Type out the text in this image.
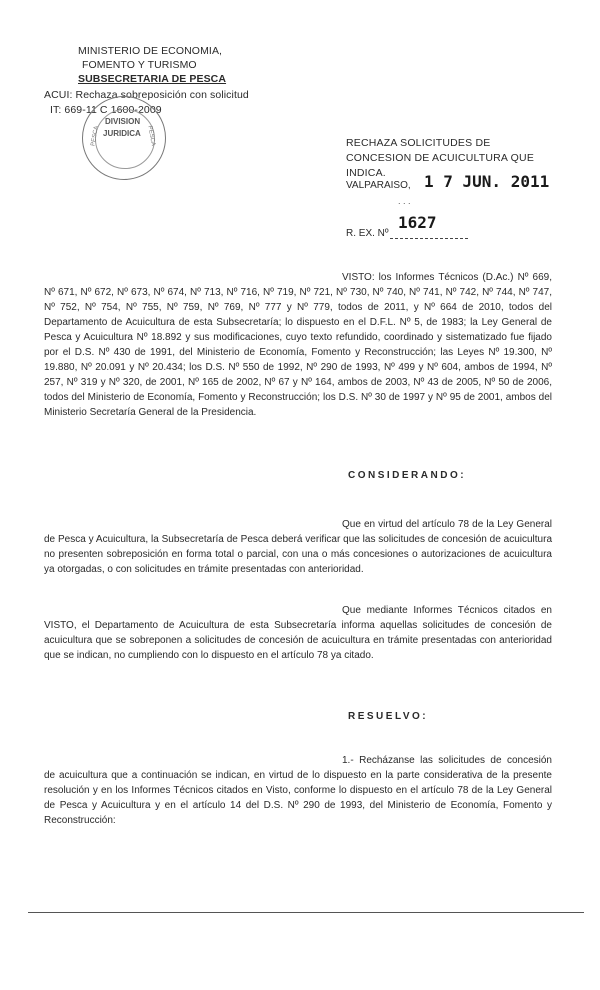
MINISTERIO DE ECONOMIA,
FOMENTO Y TURISMO
SUBSECRETARIA DE PESCA
ACUI: Rechaza sobreposición con solicitud
IT: 669-11 C 1600-2009
DIVISION
JURIDICA
PESCA	PESCA	RECHAZA SOLICITUDES DE CONCESION DE ACUICULTURA QUE INDICA.
VALPARAISO, 1 7 JUN. 2011
. . .
R. EX. Nº
1627

VISTO: los Informes Técnicos (D.Ac.) Nº 669, Nº 671, Nº 672, Nº 673, Nº 674, Nº 713, Nº 716, Nº 719, Nº 721, Nº 730, Nº 740, Nº 741, Nº 742, Nº 744, Nº 747, Nº 752, Nº 754, Nº 755, Nº 759, Nº 769, Nº 777 y Nº 779, todos de 2011, y Nº 664 de 2010, todos del Departamento de Acuicultura de esta Subsecretaría; lo dispuesto en el D.F.L. Nº 5, de 1983; la Ley General de Pesca y Acuicultura Nº 18.892 y sus modificaciones, cuyo texto refundido, coordinado y sistematizado fue fijado por el D.S. Nº 430 de 1991, del Ministerio de Economía, Fomento y Reconstrucción; las Leyes Nº 19.300, Nº 19.880, Nº 20.091 y Nº 20.434; los D.S. Nº 550 de 1992, Nº 290 de 1993, Nº 499 y Nº 604, ambos de 1994, Nº 257, Nº 319 y Nº 320, de 2001, Nº 165 de 2002, Nº 67 y Nº 164, ambos de 2003, Nº 43 de 2005, Nº 50 de 2006, todos del Ministerio de Economía, Fomento y Reconstrucción; los D.S. Nº 30 de 1997 y Nº 95 de 2001, ambos del Ministerio Secretaría General de la Presidencia.

CONSIDERANDO:

Que en virtud del artículo 78 de la Ley General de Pesca y Acuicultura, la Subsecretaría de Pesca deberá verificar que las solicitudes de concesión de acuicultura no presenten sobreposición en forma total o parcial, con una o más concesiones o autorizaciones de acuicultura ya otorgadas, o con solicitudes en trámite presentadas con anterioridad.

Que mediante Informes Técnicos citados en VISTO, el Departamento de Acuicultura de esta Subsecretaría informa aquellas solicitudes de concesión de acuicultura que se sobreponen a solicitudes de concesión de acuicultura en trámite presentadas con anterioridad que se indican, no cumpliendo con lo dispuesto en el artículo 78 ya citado.

RESUELVO:

1.- Recházanse las solicitudes de concesión de acuicultura que a continuación se indican, en virtud de lo dispuesto en la parte considerativa de la presente resolución y en los Informes Técnicos citados en Visto, conforme lo dispuesto en el artículo 78 de la Ley General de Pesca y Acuicultura y en el artículo 14 del D.S. Nº 290 de 1993, del Ministerio de Economía, Fomento y Reconstrucción:
